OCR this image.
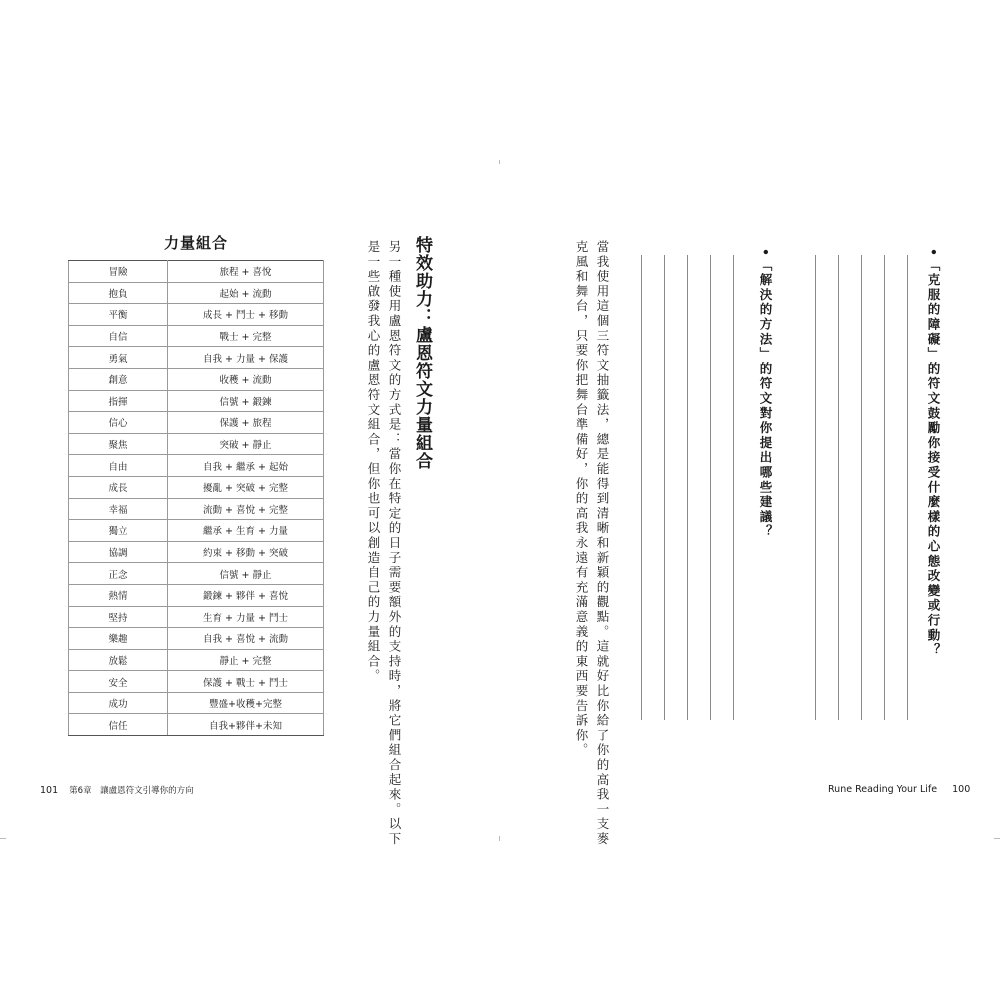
力量組合
冒險	旅程 + 喜悅
抱負	起始 + 流動
平衡	成長 + 鬥士 + 移動
自信	戰士 + 完整
勇氣	自我 + 力量 + 保護
創意	收穫 + 流動
指揮	信號 + 鍛鍊
信心	保護 + 旅程
聚焦	突破 + 靜止
自由	自我 + 繼承 + 起始
成長	擾亂 + 突破 + 完整
幸福	流動 + 喜悅 + 完整
獨立	繼承 + 生育 + 力量
協調	約束 + 移動 + 突破
正念	信號 + 靜止
熱情	鍛鍊 + 夥伴 + 喜悅
堅持	生育 + 力量 + 鬥士
樂趣	自我 + 喜悅 + 流動
放鬆	靜止 + 完整
安全	保護 + 戰士 + 鬥士
成功	豐盛+收穫+完整
信任	自我+夥伴+未知
特效助力：盧恩符文力量組合
另一種使用盧恩符文的方式是：當你在特定的日子需要額外的支持時，將它們組合起來。以下
是一些啟發我心的盧恩符文組合，但你也可以創造自己的力量組合。
101 第6章　讓盧恩符文引導你的方向
•「克服的障礙」的符文鼓勵你接受什麼樣的心態改變或行動？
•「解決的方法」的符文對你提出哪些建議？
當我使用這個三符文抽籤法，總是能得到清晰和新穎的觀點。這就好比你給了你的高我一支麥
克風和舞台，只要你把舞台準備好，你的高我永遠有充滿意義的東西要告訴你。
Rune Reading Your Life 100
